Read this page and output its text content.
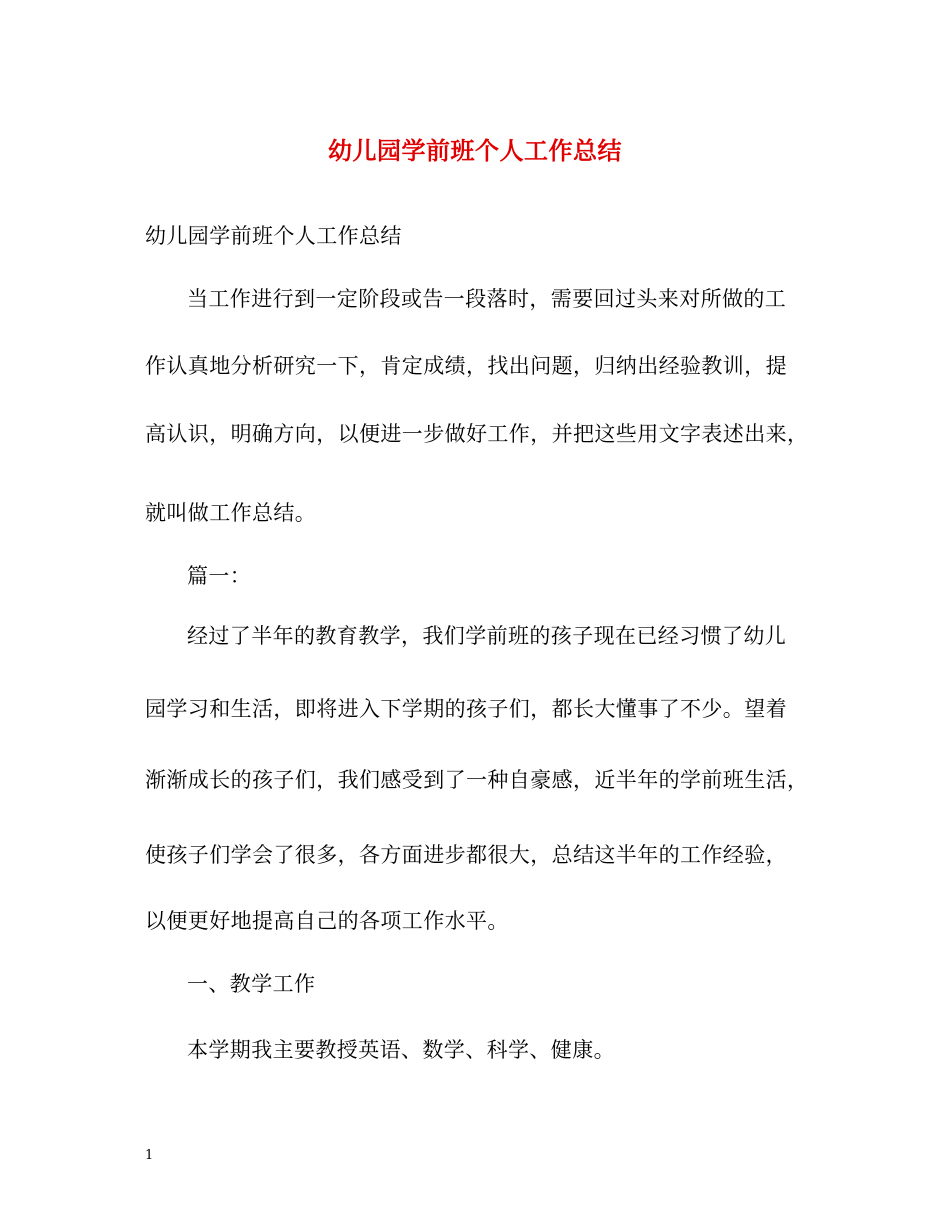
幼儿园学前班个人工作总结
幼儿园学前班个人工作总结
当工作进行到一定阶段或告一段落时，需要回过头来对所做的工
作认真地分析研究一下，肯定成绩，找出问题，归纳出经验教训，提
高认识，明确方向，以便进一步做好工作，并把这些用文字表述出来，
就叫做工作总结。
篇一：
经过了半年的教育教学，我们学前班的孩子现在已经习惯了幼儿
园学习和生活，即将进入下学期的孩子们，都长大懂事了不少。望着
渐渐成长的孩子们，我们感受到了一种自豪感，近半年的学前班生活，
使孩子们学会了很多，各方面进步都很大，总结这半年的工作经验，
以便更好地提高自己的各项工作水平。
一、教学工作
本学期我主要教授英语、数学、科学、健康。
1
